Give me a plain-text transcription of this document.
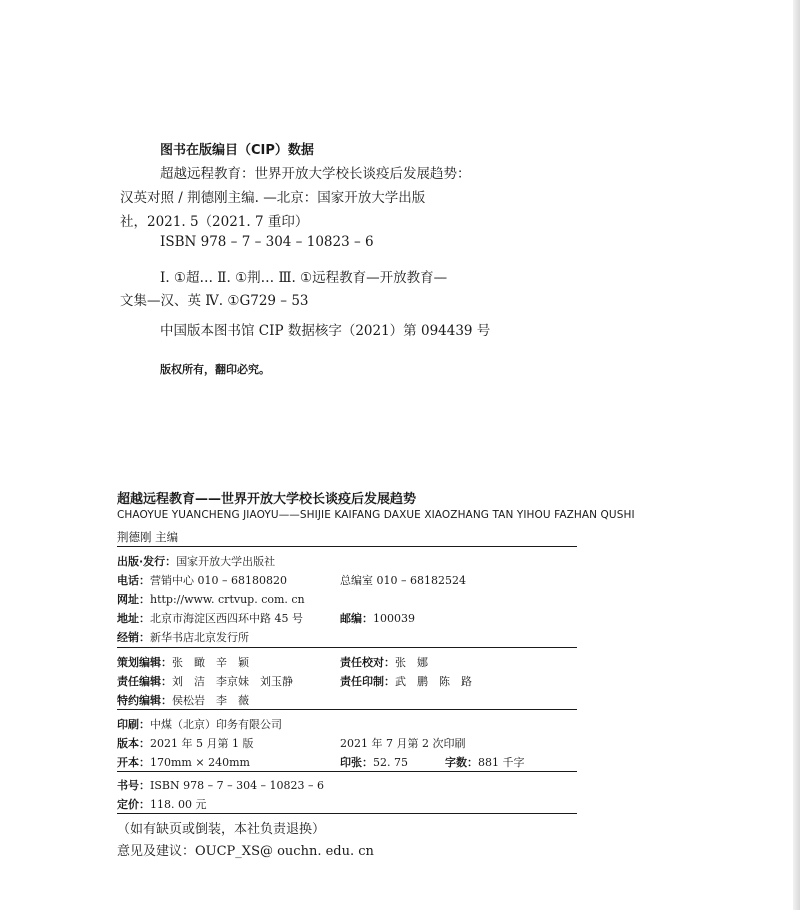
图书在版编目（CIP）数据
超越远程教育：世界开放大学校长谈疫后发展趋势：
汉英对照 / 荆德刚主编. —北京：国家开放大学出版
社，2021. 5（2021. 7 重印）
ISBN 978 – 7 – 304 – 10823 – 6
Ⅰ. ①超… Ⅱ. ①荆… Ⅲ. ①远程教育—开放教育—
文集—汉、英 Ⅳ. ①G729 – 53
中国版本图书馆 CIP 数据核字（2021）第 094439 号
版权所有，翻印必究。
超越远程教育——世界开放大学校长谈疫后发展趋势
CHAOYUE YUANCHENG JIAOYU——SHIJIE KAIFANG DAXUE XIAOZHANG TAN YIHOU FAZHAN QUSHI
荆德刚 主编
出版·发行：国家开放大学出版社
电话：营销中心 010 – 68180820	总编室 010 – 68182524
网址：http://www. crtvup. com. cn
地址：北京市海淀区西四环中路 45 号	邮编：100039
经销：新华书店北京发行所
策划编辑：张　瞰　辛　颖	责任校对：张　娜
责任编辑：刘　洁　李京妹　刘玉静	责任印制：武　鹏　陈　路
特约编辑：侯松岩　李　薇
印刷：中煤（北京）印务有限公司
版本：2021 年 5 月第 1 版	2021 年 7 月第 2 次印刷
开本：170mm × 240mm	印张：52. 75	字数：881 千字
书号：ISBN 978 – 7 – 304 – 10823 – 6
定价：118. 00 元
（如有缺页或倒装，本社负责退换）
意见及建议：OUCP_XS@ ouchn. edu. cn
